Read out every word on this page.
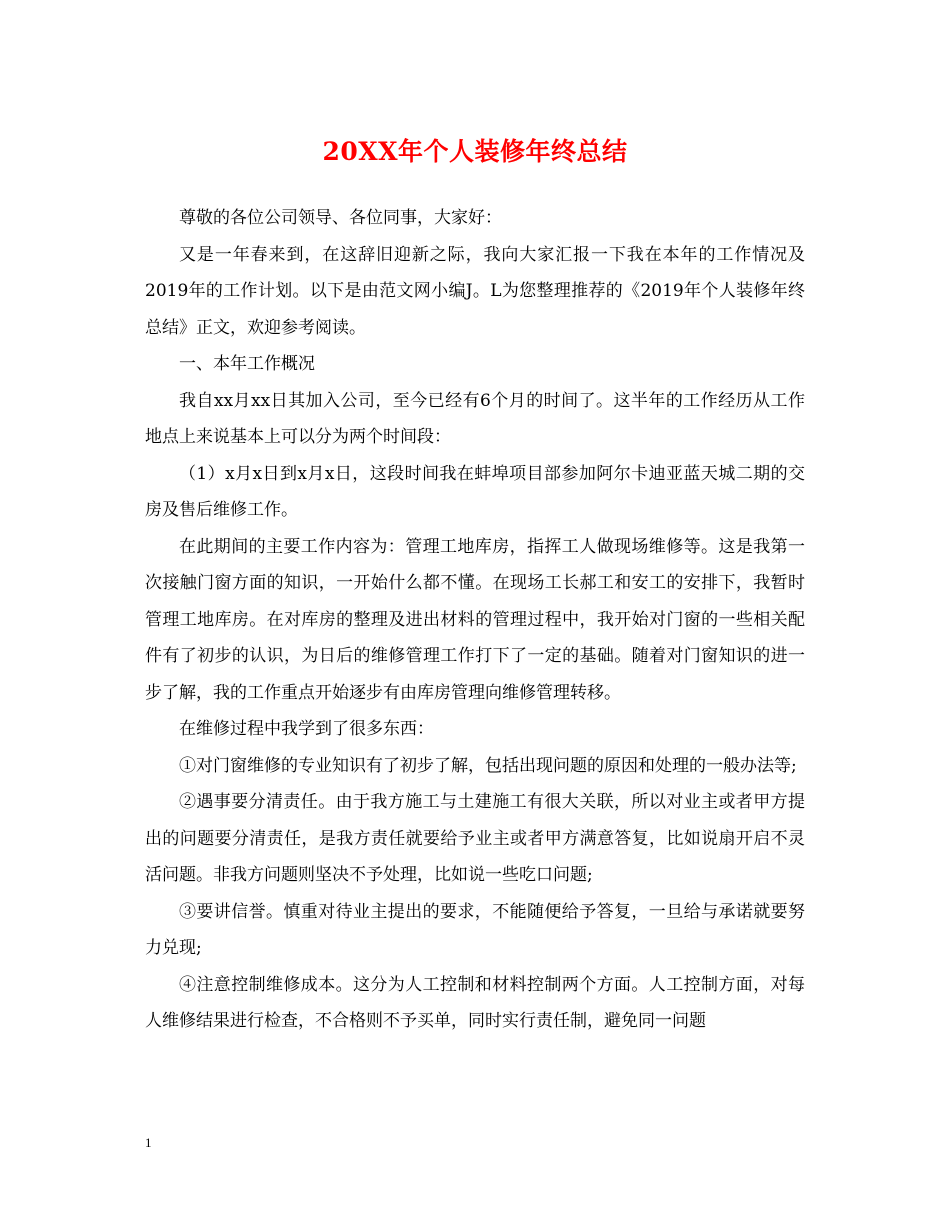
20XX年个人装修年终总结

尊敬的各位公司领导、各位同事，大家好：

又是一年春来到，在这辞旧迎新之际，我向大家汇报一下我在本年的工作情况及2019年的工作计划。以下是由范文网小编J。L为您整理推荐的《2019年个人装修年终总结》正文，欢迎参考阅读。

一、本年工作概况

我自xx月xx日其加入公司，至今已经有6个月的时间了。这半年的工作经历从工作地点上来说基本上可以分为两个时间段：

（1）x月x日到x月x日，这段时间我在蚌埠项目部参加阿尔卡迪亚蓝天城二期的交房及售后维修工作。

在此期间的主要工作内容为：管理工地库房，指挥工人做现场维修等。这是我第一次接触门窗方面的知识，一开始什么都不懂。在现场工长郝工和安工的安排下，我暂时管理工地库房。在对库房的整理及进出材料的管理过程中，我开始对门窗的一些相关配件有了初步的认识，为日后的维修管理工作打下了一定的基础。随着对门窗知识的进一步了解，我的工作重点开始逐步有由库房管理向维修管理转移。

在维修过程中我学到了很多东西：

①对门窗维修的专业知识有了初步了解，包括出现问题的原因和处理的一般办法等;

②遇事要分清责任。由于我方施工与土建施工有很大关联，所以对业主或者甲方提出的问题要分清责任，是我方责任就要给予业主或者甲方满意答复，比如说扇开启不灵活问题。非我方问题则坚决不予处理，比如说一些吃口问题;

③要讲信誉。慎重对待业主提出的要求，不能随便给予答复，一旦给与承诺就要努力兑现;

④注意控制维修成本。这分为人工控制和材料控制两个方面。人工控制方面，对每人维修结果进行检查，不合格则不予买单，同时实行责任制，避免同一问题

1
